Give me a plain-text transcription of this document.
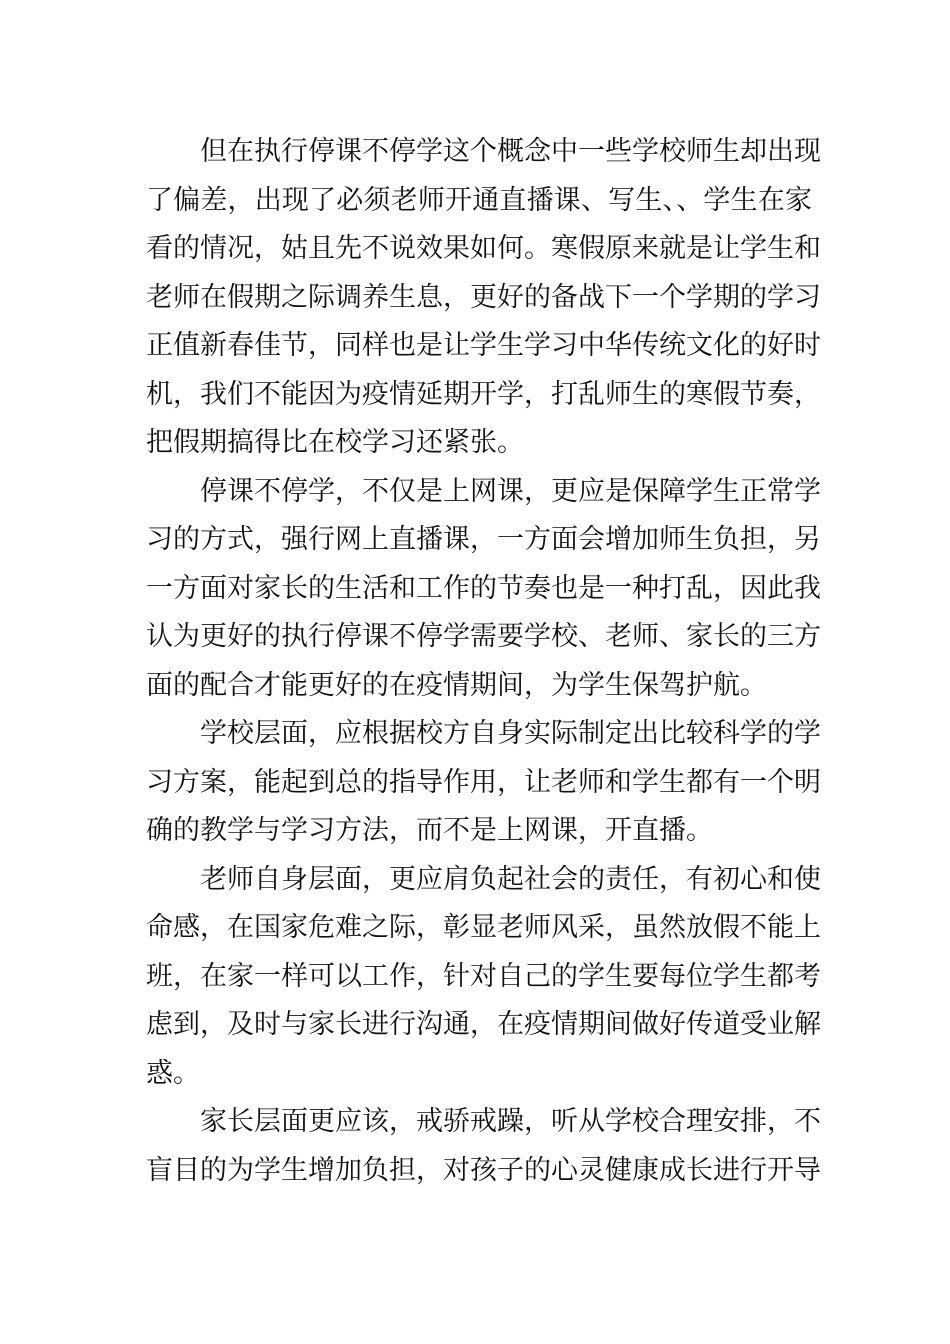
但在执行停课不停学这个概念中一些学校师生却出现
了偏差，出现了必须老师开通直播课、写生、、学生在家
看的情况，姑且先不说效果如何。寒假原来就是让学生和
老师在假期之际调养生息，更好的备战下一个学期的学习
正值新春佳节，同样也是让学生学习中华传统文化的好时
机，我们不能因为疫情延期开学，打乱师生的寒假节奏，
把假期搞得比在校学习还紧张。
停课不停学，不仅是上网课，更应是保障学生正常学
习的方式，强行网上直播课，一方面会增加师生负担，另
一方面对家长的生活和工作的节奏也是一种打乱，因此我
认为更好的执行停课不停学需要学校、老师、家长的三方
面的配合才能更好的在疫情期间，为学生保驾护航。
学校层面，应根据校方自身实际制定出比较科学的学
习方案，能起到总的指导作用，让老师和学生都有一个明
确的教学与学习方法，而不是上网课，开直播。
老师自身层面，更应肩负起社会的责任，有初心和使
命感，在国家危难之际，彰显老师风采，虽然放假不能上
班，在家一样可以工作，针对自己的学生要每位学生都考
虑到，及时与家长进行沟通，在疫情期间做好传道受业解
惑。
家长层面更应该，戒骄戒躁，听从学校合理安排，不
盲目的为学生增加负担，对孩子的心灵健康成长进行开导
